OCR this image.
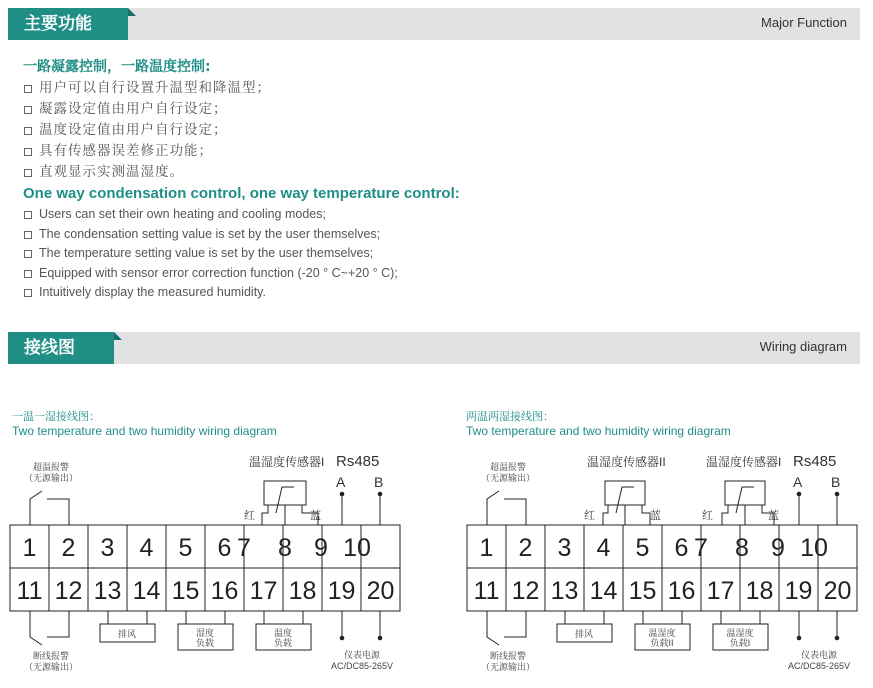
主要功能	Major Function
一路凝露控制，一路温度控制:
用户可以自行设置升温型和降温型；
凝露设定值由用户自行设定；
温度设定值由用户自行设定；
具有传感器误差修正功能；
直观显示实测温湿度。
One way condensation control, one way temperature control:
Users can set their own heating and cooling modes;
The condensation setting value is set by the user themselves;
The temperature setting value is set by the user themselves;
Equipped with sensor error correction function (-20 ° C~+20 ° C);
Intuitively display the measured humidity.
接线图	Wiring diagram
一温一湿接线图：
Two temperature and two humidity wiring diagram
两温两湿接线图：
Two temperature and two humidity wiring diagram
1 2 3 4 5 6 7 8 9 10
11 12 13 14 15 16 17 18 19 20
超温报警
（无源输出）
断线报警
（无源输出）
排风	湿度
负载
温度
负载
仪表电源
AC/DC85-265V
温湿度传感器I Rs485
A B
红	蓝
1 2 3 4 5 6 7 8 9 10
11 12 13 14 15 16 17 18 19 20
超温报警
（无源输出）
断线报警
（无源输出）
排风	温湿度
负载II
温湿度
负载I
仪表电源
AC/DC85-265V
温湿度传感器II	温湿度传感器I Rs485
A B
红	蓝	红	蓝
